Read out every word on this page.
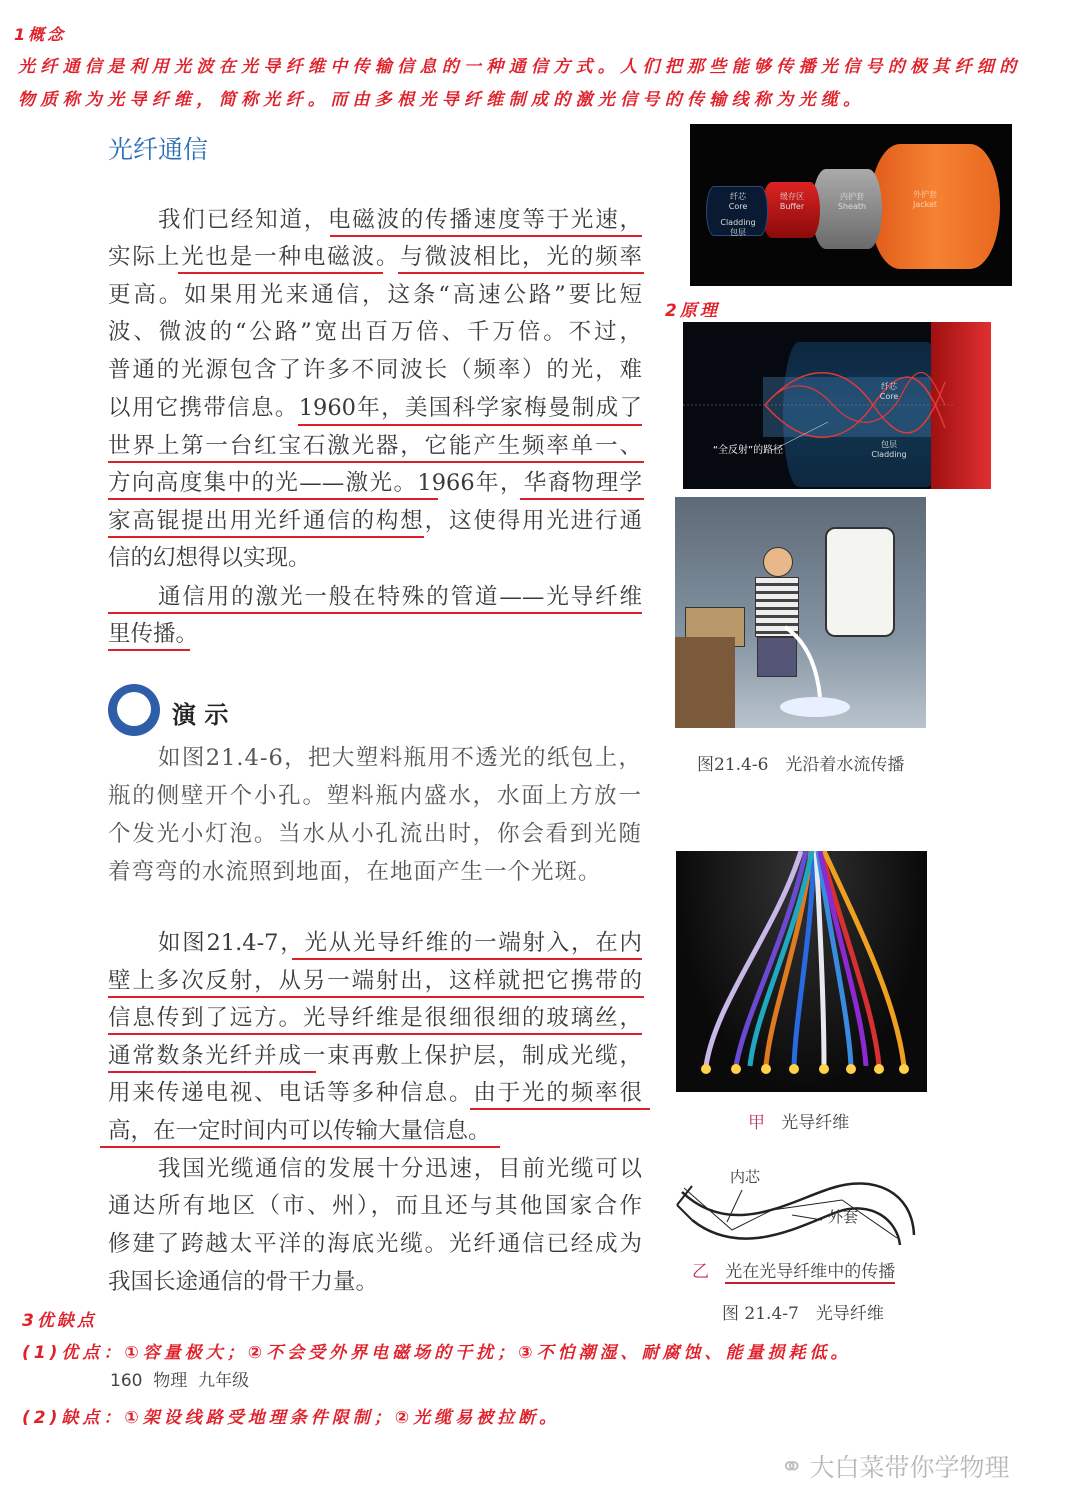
1概念
光纤通信是利用光波在光导纤维中传输信息的一种通信方式。人们把那些能够传播光信号的极其纤细的
物质称为光导纤维，简称光纤。而由多根光导纤维制成的激光信号的传输线称为光缆。
光纤通信
我们已经知道，电磁波的传播速度等于光速，
实际上光也是一种电磁波。与微波相比，光的频率
更高。如果用光来通信，这条“高速公路”要比短
波、微波的“公路”宽出百万倍、千万倍。不过，
普通的光源包含了许多不同波长（频率）的光，难
以用它携带信息。1960年，美国科学家梅曼制成了
世界上第一台红宝石激光器，它能产生频率单一、
方向高度集中的光——激光。1966年，华裔物理学
家高锟提出用光纤通信的构想，这使得用光进行通
信的幻想得以实现。
通信用的激光一般在特殊的管道——光导纤维
里传播。
演 示
如图21.4-6，把大塑料瓶用不透光的纸包上，
瓶的侧壁开个小孔。塑料瓶内盛水，水面上方放一
个发光小灯泡。当水从小孔流出时，你会看到光随
着弯弯的水流照到地面，在地面产生一个光斑。
如图21.4-7，光从光导纤维的一端射入，在内
壁上多次反射，从另一端射出，这样就把它携带的
信息传到了远方。光导纤维是很细很细的玻璃丝，
通常数条光纤并成一束再敷上保护层，制成光缆，
用来传递电视、电话等多种信息。由于光的频率很
高，在一定时间内可以传输大量信息。
我国光缆通信的发展十分迅速，目前光缆可以
通达所有地区（市、州），而且还与其他国家合作
修建了跨越太平洋的海底光缆。光纤通信已经成为
我国长途通信的骨干力量。
3优缺点
(1)优点：①容量极大；②不会受外界电磁场的干扰；③不怕潮湿、耐腐蚀、能量损耗低。
160  物理  九年级
(2)缺点：①架设线路受地理条件限制；②光缆易被拉断。
纤芯
Core
Cladding
包层
缓存区
Buffer
内护套
Sheath
外护套
Jacket
2原理
纤芯
Core
包层
Cladding
“全反射”的路径
图21.4-6　光沿着水流传播
甲 光导纤维
内芯
外套
乙 光在光导纤维中的传播
图 21.4-7　光导纤维
⚭ 大白菜带你学物理
